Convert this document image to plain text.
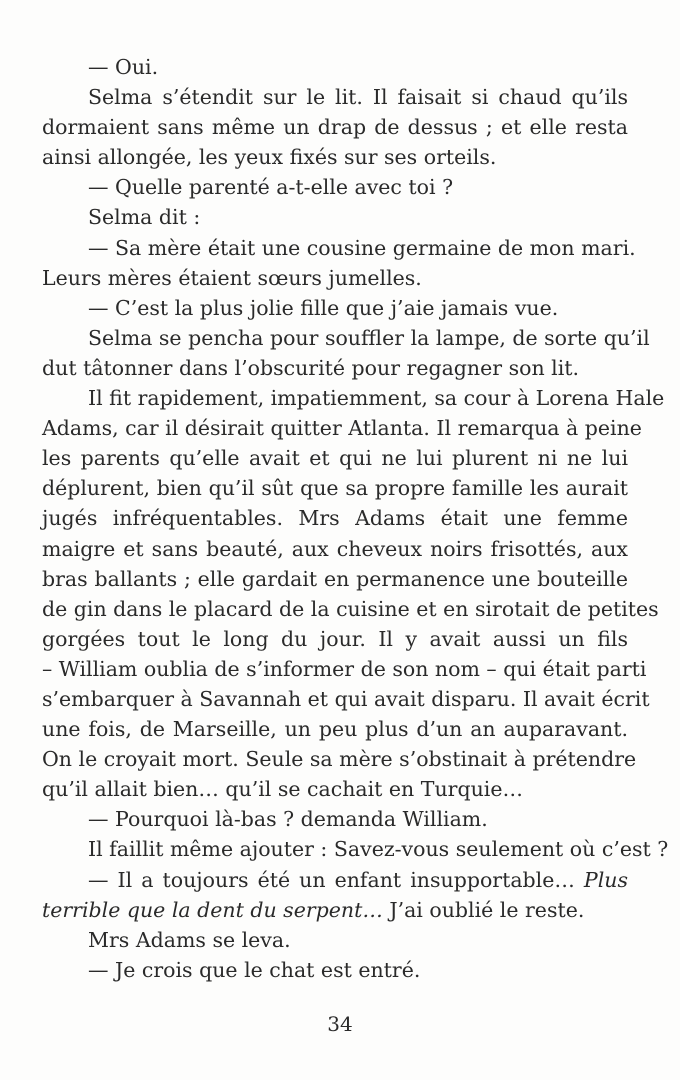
— Oui.
Selma s’étendit sur le lit. Il faisait si chaud qu’ils
dormaient sans même un drap de dessus ; et elle resta
ainsi allongée, les yeux fixés sur ses orteils.
— Quelle parenté a-t-elle avec toi ?
Selma dit :
— Sa mère était une cousine germaine de mon mari.
Leurs mères étaient sœurs jumelles.
— C’est la plus jolie fille que j’aie jamais vue.
Selma se pencha pour souffler la lampe, de sorte qu’il
dut tâtonner dans l’obscurité pour regagner son lit.
Il fit rapidement, impatiemment, sa cour à Lorena Hale
Adams, car il désirait quitter Atlanta. Il remarqua à peine
les parents qu’elle avait et qui ne lui plurent ni ne lui
déplurent, bien qu’il sût que sa propre famille les aurait
jugés infréquentables. Mrs Adams était une femme
maigre et sans beauté, aux cheveux noirs frisottés, aux
bras ballants ; elle gardait en permanence une bouteille
de gin dans le placard de la cuisine et en sirotait de petites
gorgées tout le long du jour. Il y avait aussi un fils
– William oublia de s’informer de son nom – qui était parti
s’embarquer à Savannah et qui avait disparu. Il avait écrit
une fois, de Marseille, un peu plus d’un an auparavant.
On le croyait mort. Seule sa mère s’obstinait à prétendre
qu’il allait bien… qu’il se cachait en Turquie…
— Pourquoi là-bas ? demanda William.
Il faillit même ajouter : Savez-vous seulement où c’est ?
— Il a toujours été un enfant insupportable… Plus
terrible que la dent du serpent… J’ai oublié le reste.
Mrs Adams se leva.
— Je crois que le chat est entré.
34
